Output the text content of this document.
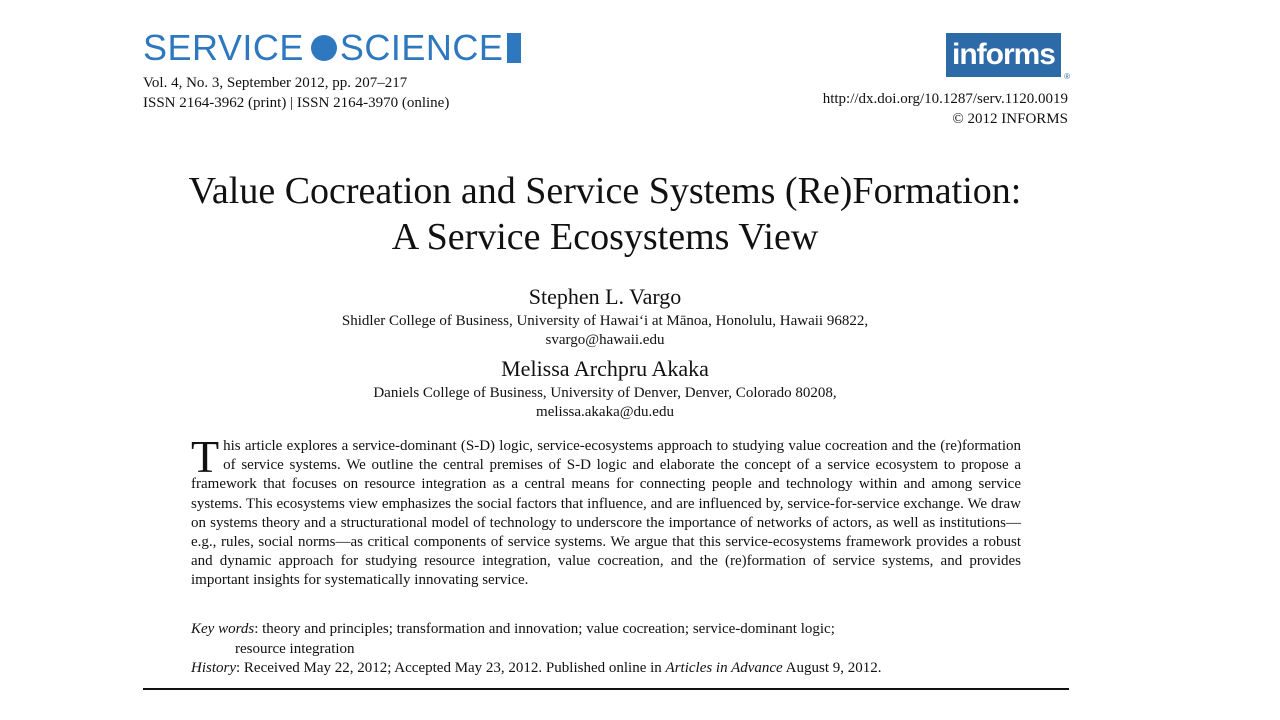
SERVICE SCIENCE
Vol. 4, No. 3, September 2012, pp. 207–217
ISSN 2164-3962 (print) | ISSN 2164-3970 (online)
informs
®
http://dx.doi.org/10.1287/serv.1120.0019
© 2012 INFORMS
Value Cocreation and Service Systems (Re)Formation:
A Service Ecosystems View
Stephen L. Vargo
Shidler College of Business, University of Hawai‘i at Mānoa, Honolulu, Hawaii 96822,
svargo@hawaii.edu
Melissa Archpru Akaka
Daniels College of Business, University of Denver, Denver, Colorado 80208,
melissa.akaka@du.edu
This article explores a service-dominant (S-D) logic, service-ecosystems approach to studying value cocreation and the (re)formation of service systems. We outline the central premises of S-D logic and elaborate the concept of a service ecosystem to propose a framework that focuses on resource integration as a central means for connecting people and technology within and among service systems. This ecosystems view emphasizes the social factors that influence, and are influenced by, service-for-service exchange. We draw on systems theory and a structurational model of technology to underscore the importance of networks of actors, as well as institutions—e.g., rules, social norms—as critical components of service systems. We argue that this service-ecosystems framework provides a robust and dynamic approach for studying resource integration, value cocreation, and the (re)formation of service systems, and provides important insights for systematically innovating service.
Key words: theory and principles; transformation and innovation; value cocreation; service-dominant logic;
resource integration
History: Received May 22, 2012; Accepted May 23, 2012. Published online in Articles in Advance August 9, 2012.
